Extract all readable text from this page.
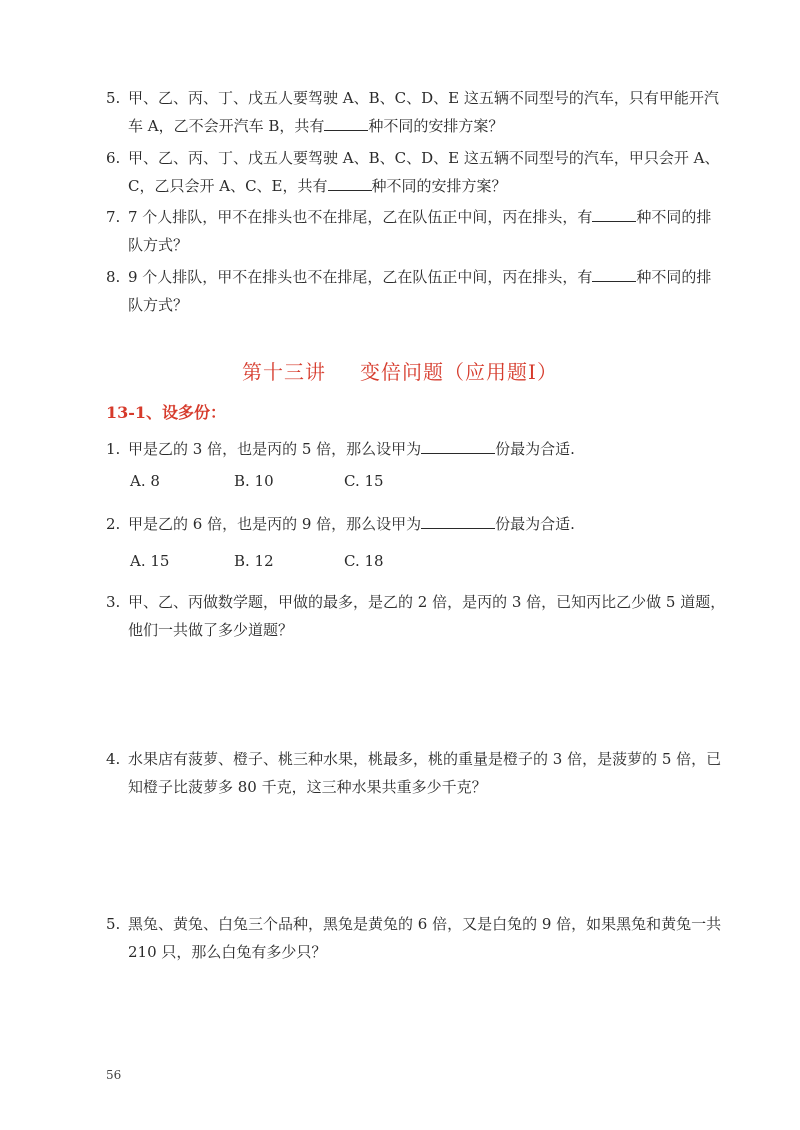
5. 甲、乙、丙、丁、戊五人要驾驶 A、B、C、D、E 这五辆不同型号的汽车，只有甲能开汽车 A，乙不会开汽车 B，共有	种不同的安排方案？
6. 甲、乙、丙、丁、戊五人要驾驶 A、B、C、D、E 这五辆不同型号的汽车，甲只会开 A、C，乙只会开 A、C、E，共有	种不同的安排方案？
7. 7 个人排队，甲不在排头也不在排尾，乙在队伍正中间，丙在排头，有	种不同的排队方式？
8. 9 个人排队，甲不在排头也不在排尾，乙在队伍正中间，丙在排头，有	种不同的排队方式？
第十三讲 变倍问题（应用题Ⅰ）
13-1、设多份：
1. 甲是乙的 3 倍，也是丙的 5 倍，那么设甲为	份最为合适.
A. 8	B. 10	C. 15
2. 甲是乙的 6 倍，也是丙的 9 倍，那么设甲为	份最为合适.
A. 15	B. 12	C. 18
3. 甲、乙、丙做数学题，甲做的最多，是乙的 2 倍，是丙的 3 倍，已知丙比乙少做 5 道题，他们一共做了多少道题？
4. 水果店有菠萝、橙子、桃三种水果，桃最多，桃的重量是橙子的 3 倍，是菠萝的 5 倍，已知橙子比菠萝多 80 千克，这三种水果共重多少千克？
5. 黑兔、黄兔、白兔三个品种，黑兔是黄兔的 6 倍，又是白兔的 9 倍，如果黑兔和黄兔一共 210 只，那么白兔有多少只？
56
